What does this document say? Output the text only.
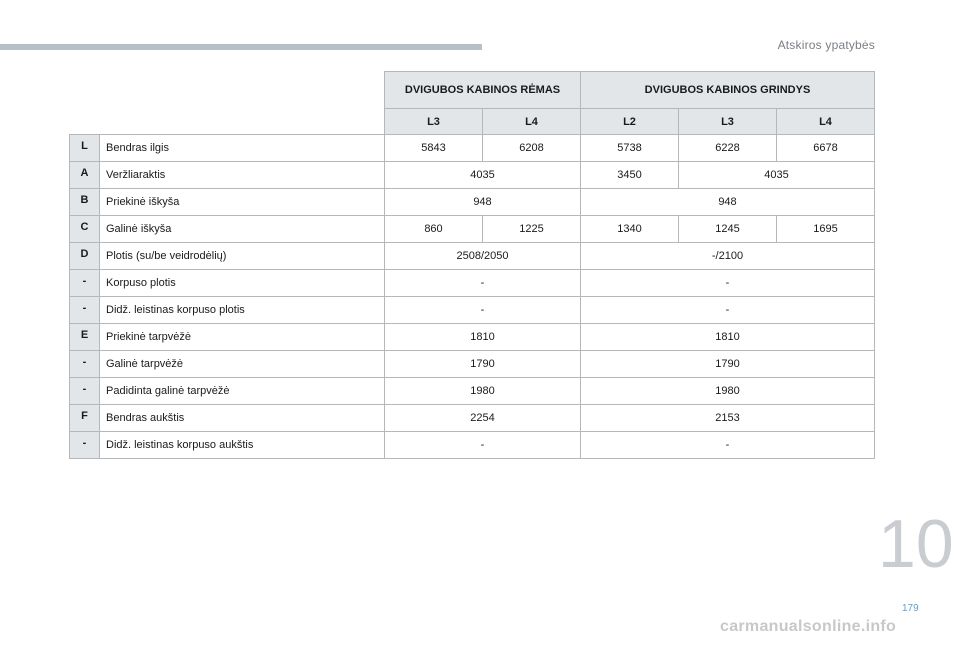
Atskiros ypatybės
		DVIGUBOS KABINOS RĖMAS		DVIGUBOS KABINOS GRINDYS		
		L3	L4	L2	L3	L4
L	Bendras ilgis	5843	6208	5738	6228	6678
A	Veržliaraktis	4035		3450	4035	
B	Priekinė iškyša	948		948		
C	Galinė iškyša	860	1225	1340	1245	1695
D	Plotis (su/be veidrodėlių)	2508/2050		-/2100		
-	Korpuso plotis	-		-		
-	Didž. leistinas korpuso plotis	-		-		
E	Priekinė tarpvėžė	1810		1810		
-	Galinė tarpvėžė	1790		1790		
-	Padidinta galinė tarpvėžė	1980		1980		
F	Bendras aukštis	2254		2153		
-	Didž. leistinas korpuso aukštis	-		-		
10
179
carmanualsonline.info
